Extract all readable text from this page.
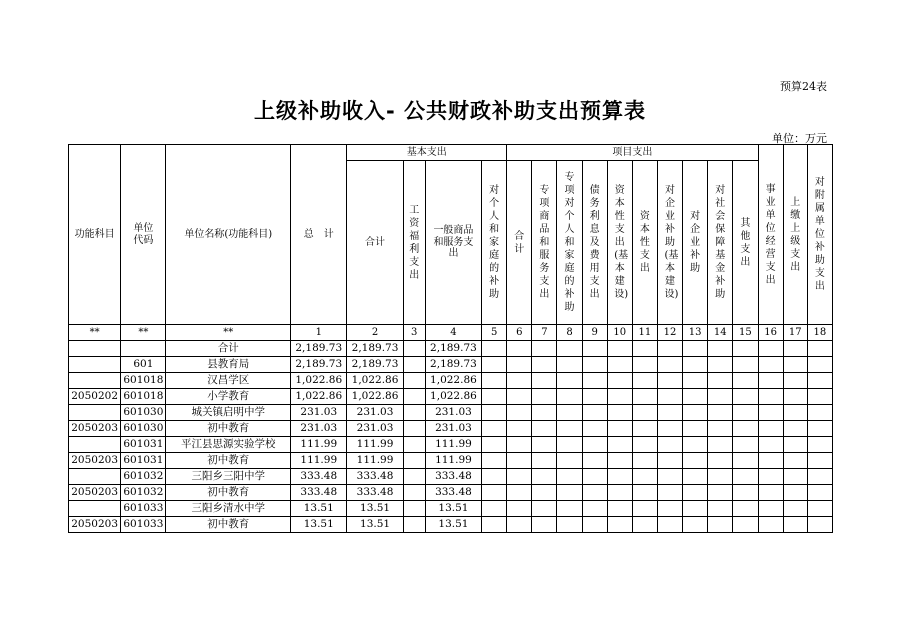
预算24表
上级补助收入- 公共财政补助支出预算表
单位：万元
功能科目	单位代码	单位名称(功能科目)	总　计	基本支出				项目支出										事业单位经营支出	上缴上级支出	对附属单位补助支出
				合计	工资福利支出	一般商品和服务支出	对个人和家庭的补助	合计	专项商品和服务支出	专项对个人和家庭的补助	债务利息及费用支出	资本性支出(基本建设)	资本性支出	对企业补助(基本建设)	对企业补助	对社会保障基金补助	其他支出			
**	**	**	1	2	3	4	5	6	7	8	9	10	11	12	13	14	15	16	17	18
		合计	2,189.73	2,189.73		2,189.73														
	601	县教育局	2,189.73	2,189.73		2,189.73														
	601018	汉昌学区	1,022.86	1,022.86		1,022.86														
2050202	601018	小学教育	1,022.86	1,022.86		1,022.86														
	601030	城关镇启明中学	231.03	231.03		231.03														
2050203	601030	初中教育	231.03	231.03		231.03														
	601031	平江县思源实验学校	111.99	111.99		111.99														
2050203	601031	初中教育	111.99	111.99		111.99														
	601032	三阳乡三阳中学	333.48	333.48		333.48														
2050203	601032	初中教育	333.48	333.48		333.48														
	601033	三阳乡清水中学	13.51	13.51		13.51														
2050203	601033	初中教育	13.51	13.51		13.51														
